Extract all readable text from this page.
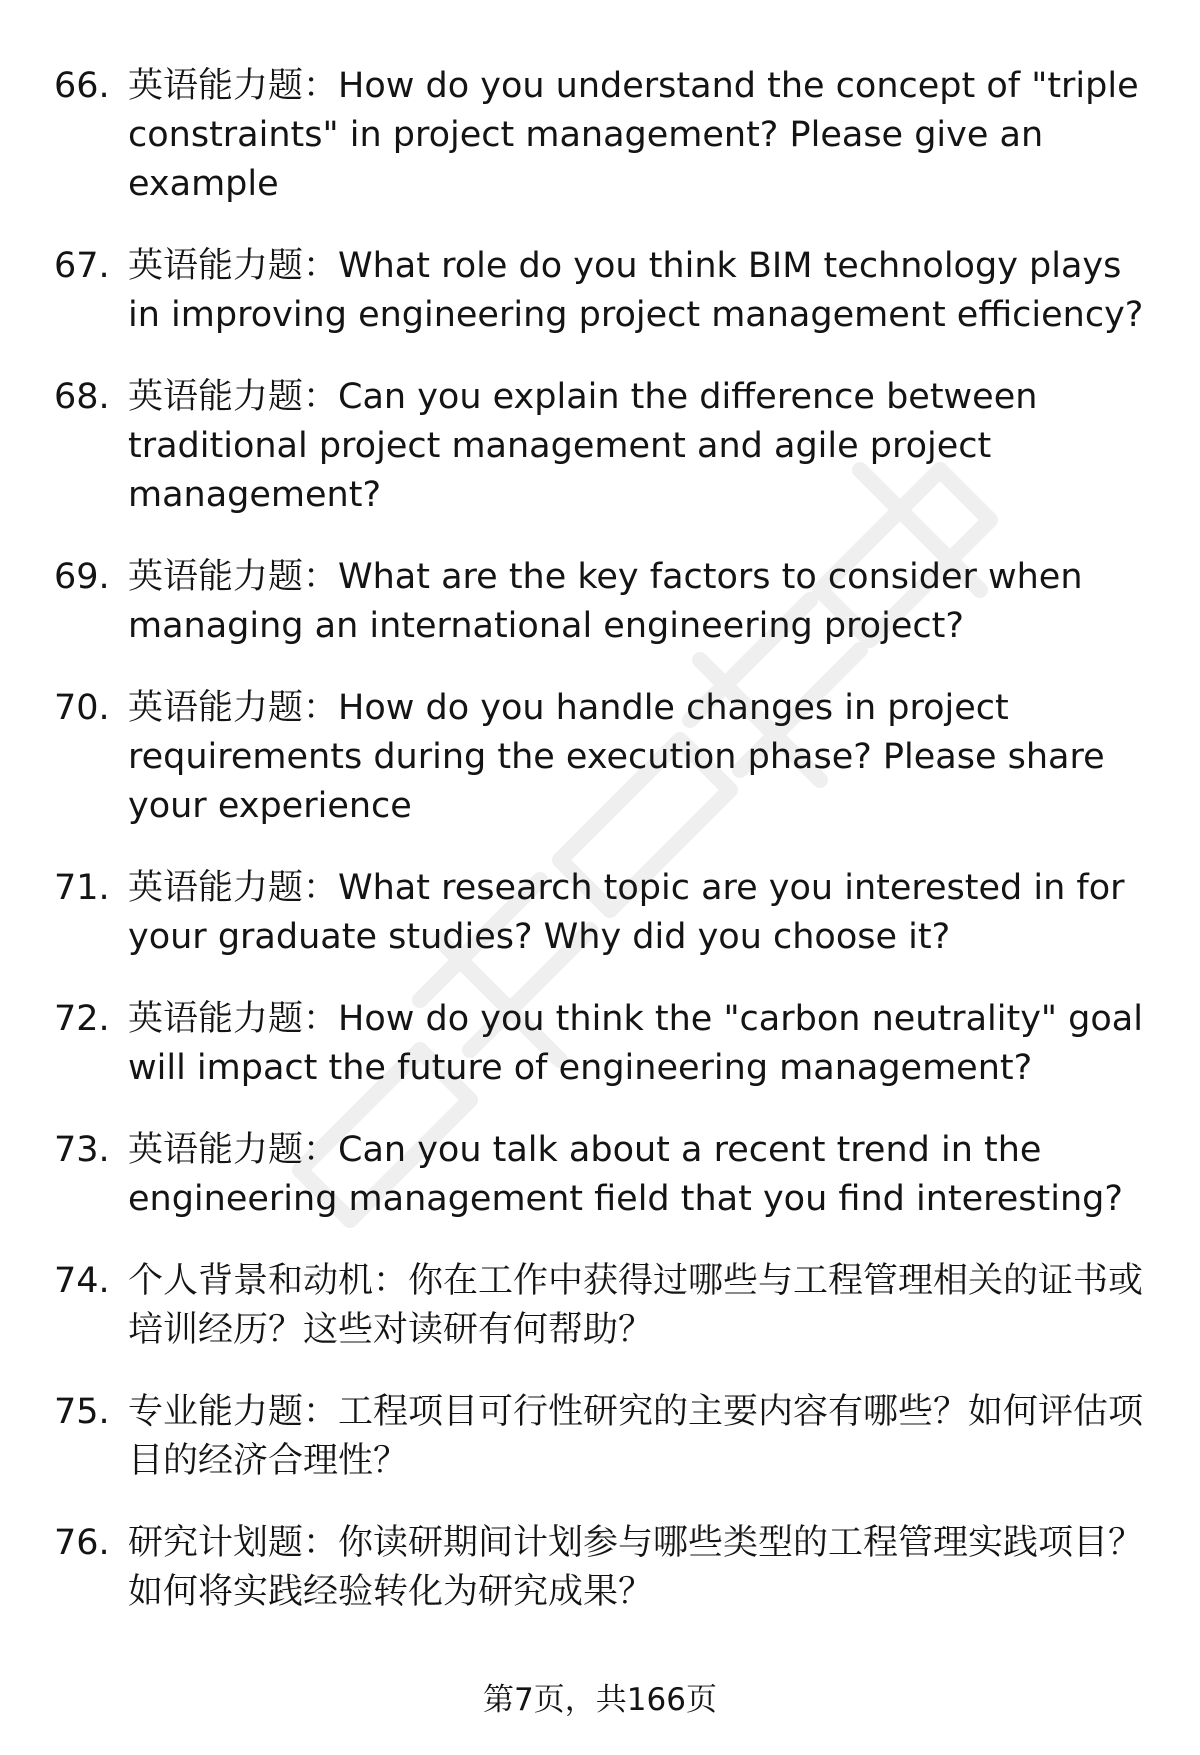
66. 英语能力题：How do you understand the concept of "triple constraints" in project management? Please give an example
67. 英语能力题：What role do you think BIM technology plays in improving engineering project management efficiency?
68. 英语能力题：Can you explain the difference between traditional project management and agile project management?
69. 英语能力题：What are the key factors to consider when managing an international engineering project?
70. 英语能力题：How do you handle changes in project requirements during the execution phase? Please share your experience
71. 英语能力题：What research topic are you interested in for your graduate studies? Why did you choose it?
72. 英语能力题：How do you think the "carbon neutrality" goal will impact the future of engineering management?
73. 英语能力题：Can you talk about a recent trend in the engineering management field that you find interesting?
74. 个人背景和动机：你在工作中获得过哪些与工程管理相关的证书或培训经历？这些对读研有何帮助？
75. 专业能力题：工程项目可行性研究的主要内容有哪些？如何评估项目的经济合理性？
76. 研究计划题：你读研期间计划参与哪些类型的工程管理实践项目？如何将实践经验转化为研究成果？
第7页，共166页
